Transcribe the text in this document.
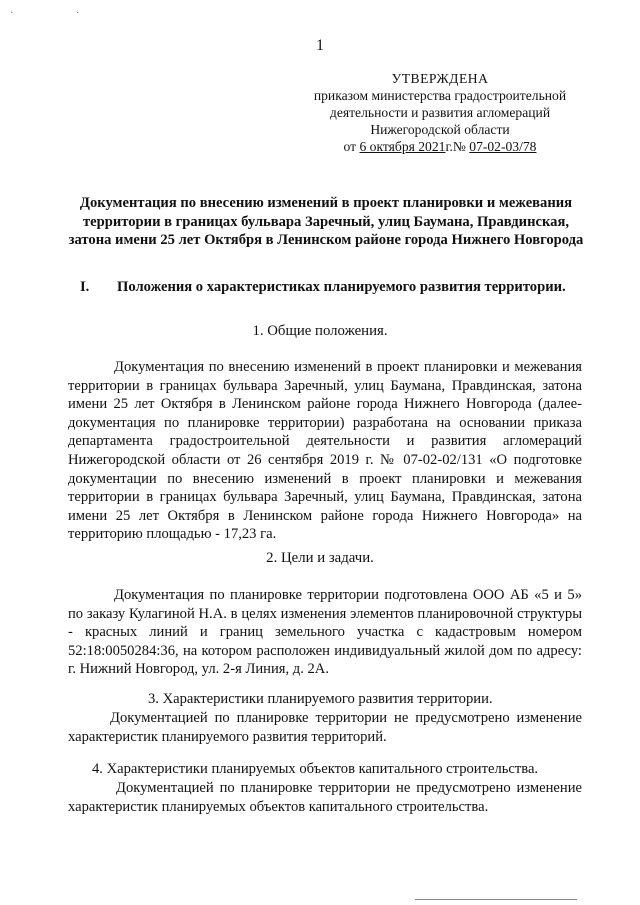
· ·
1
УТВЕРЖДЕНА
приказом министерства градостроительной
деятельности и развития агломераций
Нижегородской области
от 6 октября 2021г.№ 07-02-03/78
Документация по внесению изменений в проект планировки и межевания территории в границах бульвара Заречный, улиц Баумана, Правдинская, затона имени 25 лет Октября в Ленинском районе города Нижнего Новгорода
I. Положения о характеристиках планируемого развития территории.
1. Общие положения.
Документация по внесению изменений в проект планировки и межевания территории в границах бульвара Заречный, улиц Баумана, Правдинская, затона имени 25 лет Октября в Ленинском районе города Нижнего Новгорода (далее-документация по планировке территории) разработана на основании приказа департамента градостроительной деятельности и развития агломераций Нижегородской области от 26 сентября 2019 г. № 07-02-02/131 «О подготовке документации по внесению изменений в проект планировки и межевания территории в границах бульвара Заречный, улиц Баумана, Правдинская, затона имени 25 лет Октября в Ленинском районе города Нижнего Новгорода» на территорию площадью - 17,23 га.
2. Цели и задачи.
Документация по планировке территории подготовлена ООО АБ «5 и 5» по заказу Кулагиной Н.А. в целях изменения элементов планировочной структуры - красных линий и границ земельного участка с кадастровым номером 52:18:0050284:36, на котором расположен индивидуальный жилой дом по адресу: г. Нижний Новгород, ул. 2-я Линия, д. 2А.
3. Характеристики планируемого развития территории.
Документацией по планировке территории не предусмотрено изменение характеристик планируемого развития территорий.
4. Характеристики планируемых объектов капитального строительства.
Документацией по планировке территории не предусмотрено изменение характеристик планируемых объектов капитального строительства.
